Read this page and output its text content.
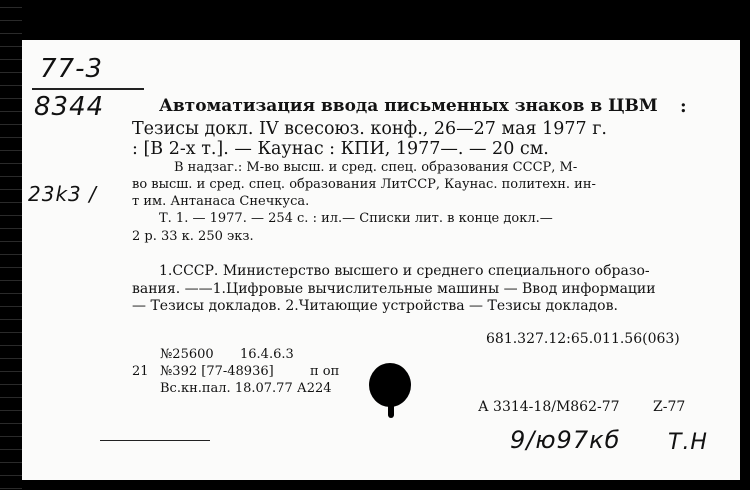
77-3
8344
23k3 /
Автоматизация ввода письменных знаков в ЦВМ :
Тезисы докл. IV всесоюз. конф., 26—27 мая 1977 г.
: [В 2-х т.]. — Каунас : КПИ, 1977—. — 20 см.
В надзаг.: М-во высш. и сред. спец. образования СССР, М-
во высш. и сред. спец. образования ЛитССР, Каунас. политехн. ин-
т им. Антанаса Снечкуса.
Т. 1. — 1977. — 254 с. : ил.— Списки лит. в конце докл.—
2 р. 33 к. 250 экз.
1.СССР. Министерство высшего и среднего специального образо-
вания. ——1.Цифровые вычислительные машины — Ввод информации
— Тезисы докладов. 2.Читающие устройства — Тезисы докладов.
681.327.12:65.011.56(063)
№25600 16.4.6.3
21 №392 [77-48936]	п оп
Вс.кн.пал. 18.07.77 А224
А 3314-18/М862-77 Z-77
9/ю97кб Т.Н
